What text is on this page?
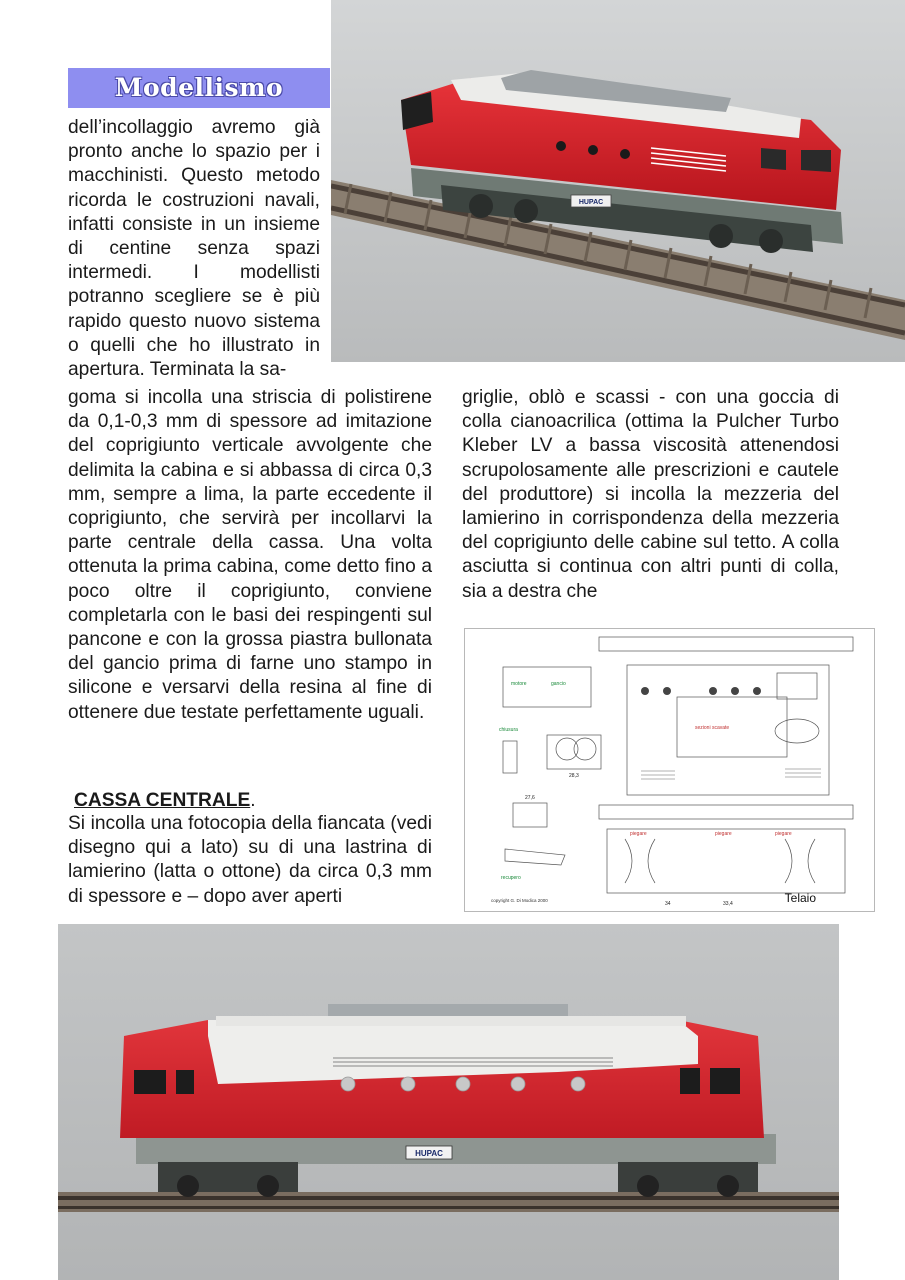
Modellismo
HUPAC

dell’incollaggio avremo già pronto anche lo spazio per i macchinisti. Questo metodo ricorda le costruzioni navali, infatti consiste in un insieme di centine senza spazi intermedi. I modellisti potranno scegliere se è più rapido questo nuovo sistema o quelli che ho illustrato in apertura. Terminata la sa-

goma si incolla una striscia di polistirene da 0,1-0,3 mm di spessore ad imitazione del coprigiunto verticale avvolgente che delimita la cabina e si abbassa di circa 0,3 mm, sempre a lima, la parte eccedente il coprigiunto, che servirà per incollarvi la parte centrale della cassa. Una volta ottenuta la prima cabina, come detto fino a poco oltre il coprigiunto, conviene completarla con le basi dei respingenti sul pancone e con la grossa piastra bullonata del gancio prima di farne uno stampo in silicone e versarvi della resina al fine di ottenere due testate perfettamente uguali.

CASSA CENTRALE.

Si incolla una fotocopia della fiancata (vedi disegno qui a lato) su di una lastrina di lamierino (latta o ottone) da circa 0,3 mm di spessore e – dopo aver aperti

griglie, oblò e scassi - con una goccia di colla cianoacrilica (ottima la Pulcher Turbo Kleber LV a bassa viscosità attenendosi scrupolosamente alle prescrizioni e cautele del produttore) si incolla la mezzeria del lamierino in corrispondenza della mezzeria del coprigiunto delle cabine sul tetto. A colla asciutta si continua con altri punti di colla, sia a destra che

sezioni scavate
piegare	piegare	piegare
motore	gancio
chiusura
recupero
27,6
34	33,4
28,3
copyright G. Di Modica 2000	Telaio
HUPAC
